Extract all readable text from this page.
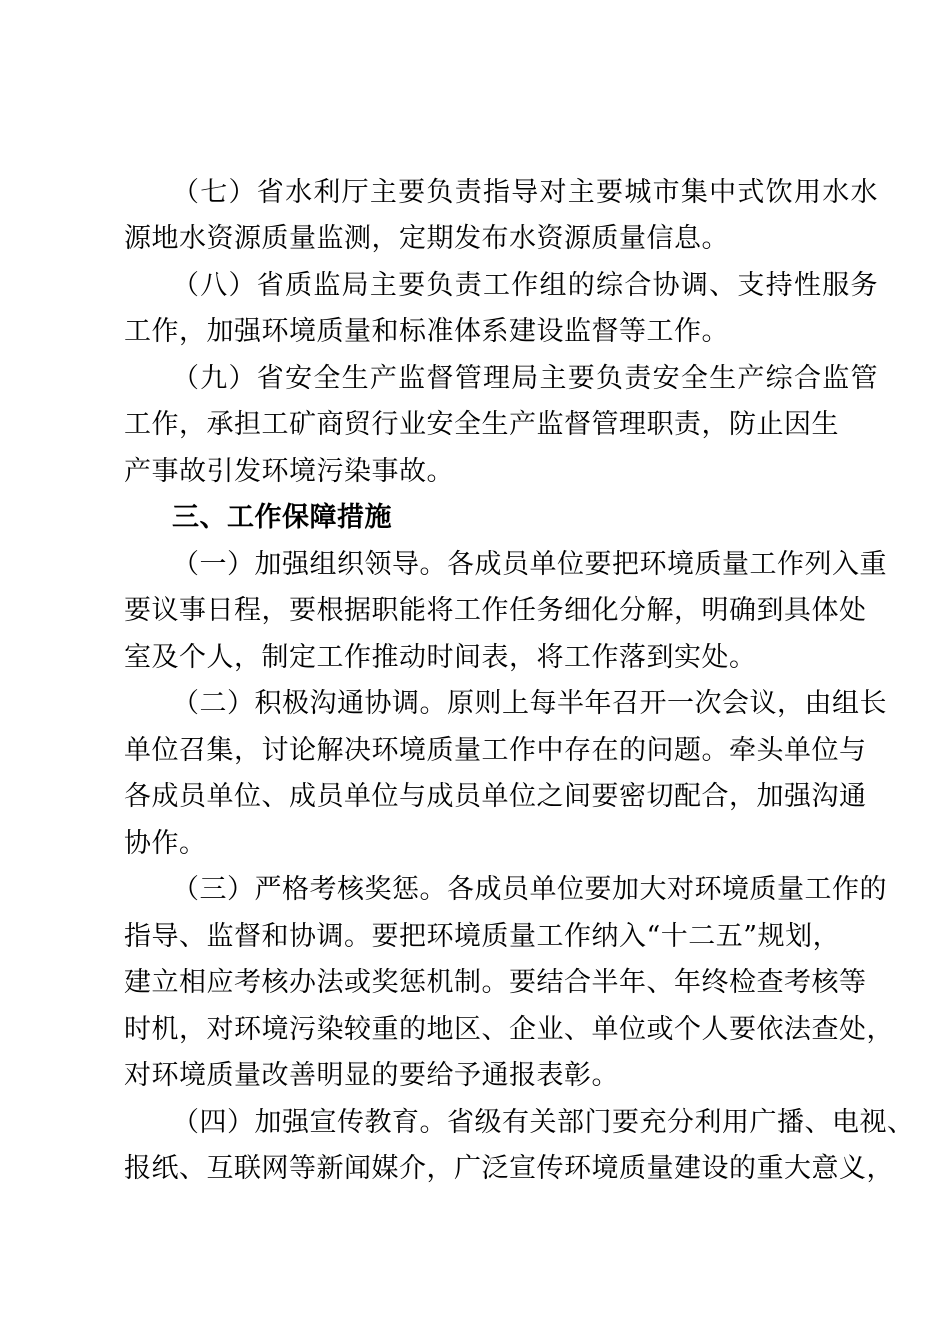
（七）省水利厅主要负责指导对主要城市集中式饮用水水
源地水资源质量监测，定期发布水资源质量信息。
（八）省质监局主要负责工作组的综合协调、支持性服务
工作，加强环境质量和标准体系建设监督等工作。
（九）省安全生产监督管理局主要负责安全生产综合监管
工作，承担工矿商贸行业安全生产监督管理职责，防止因生
产事故引发环境污染事故。
三、工作保障措施
（一）加强组织领导。各成员单位要把环境质量工作列入重
要议事日程，要根据职能将工作任务细化分解，明确到具体处
室及个人，制定工作推动时间表，将工作落到实处。
（二）积极沟通协调。原则上每半年召开一次会议，由组长
单位召集，讨论解决环境质量工作中存在的问题。牵头单位与
各成员单位、成员单位与成员单位之间要密切配合，加强沟通
协作。
（三）严格考核奖惩。各成员单位要加大对环境质量工作的
指导、监督和协调。要把环境质量工作纳入“十二五”规划，
建立相应考核办法或奖惩机制。要结合半年、年终检查考核等
时机，对环境污染较重的地区、企业、单位或个人要依法查处，
对环境质量改善明显的要给予通报表彰。
（四）加强宣传教育。省级有关部门要充分利用广播、电视、
报纸、互联网等新闻媒介，广泛宣传环境质量建设的重大意义，
